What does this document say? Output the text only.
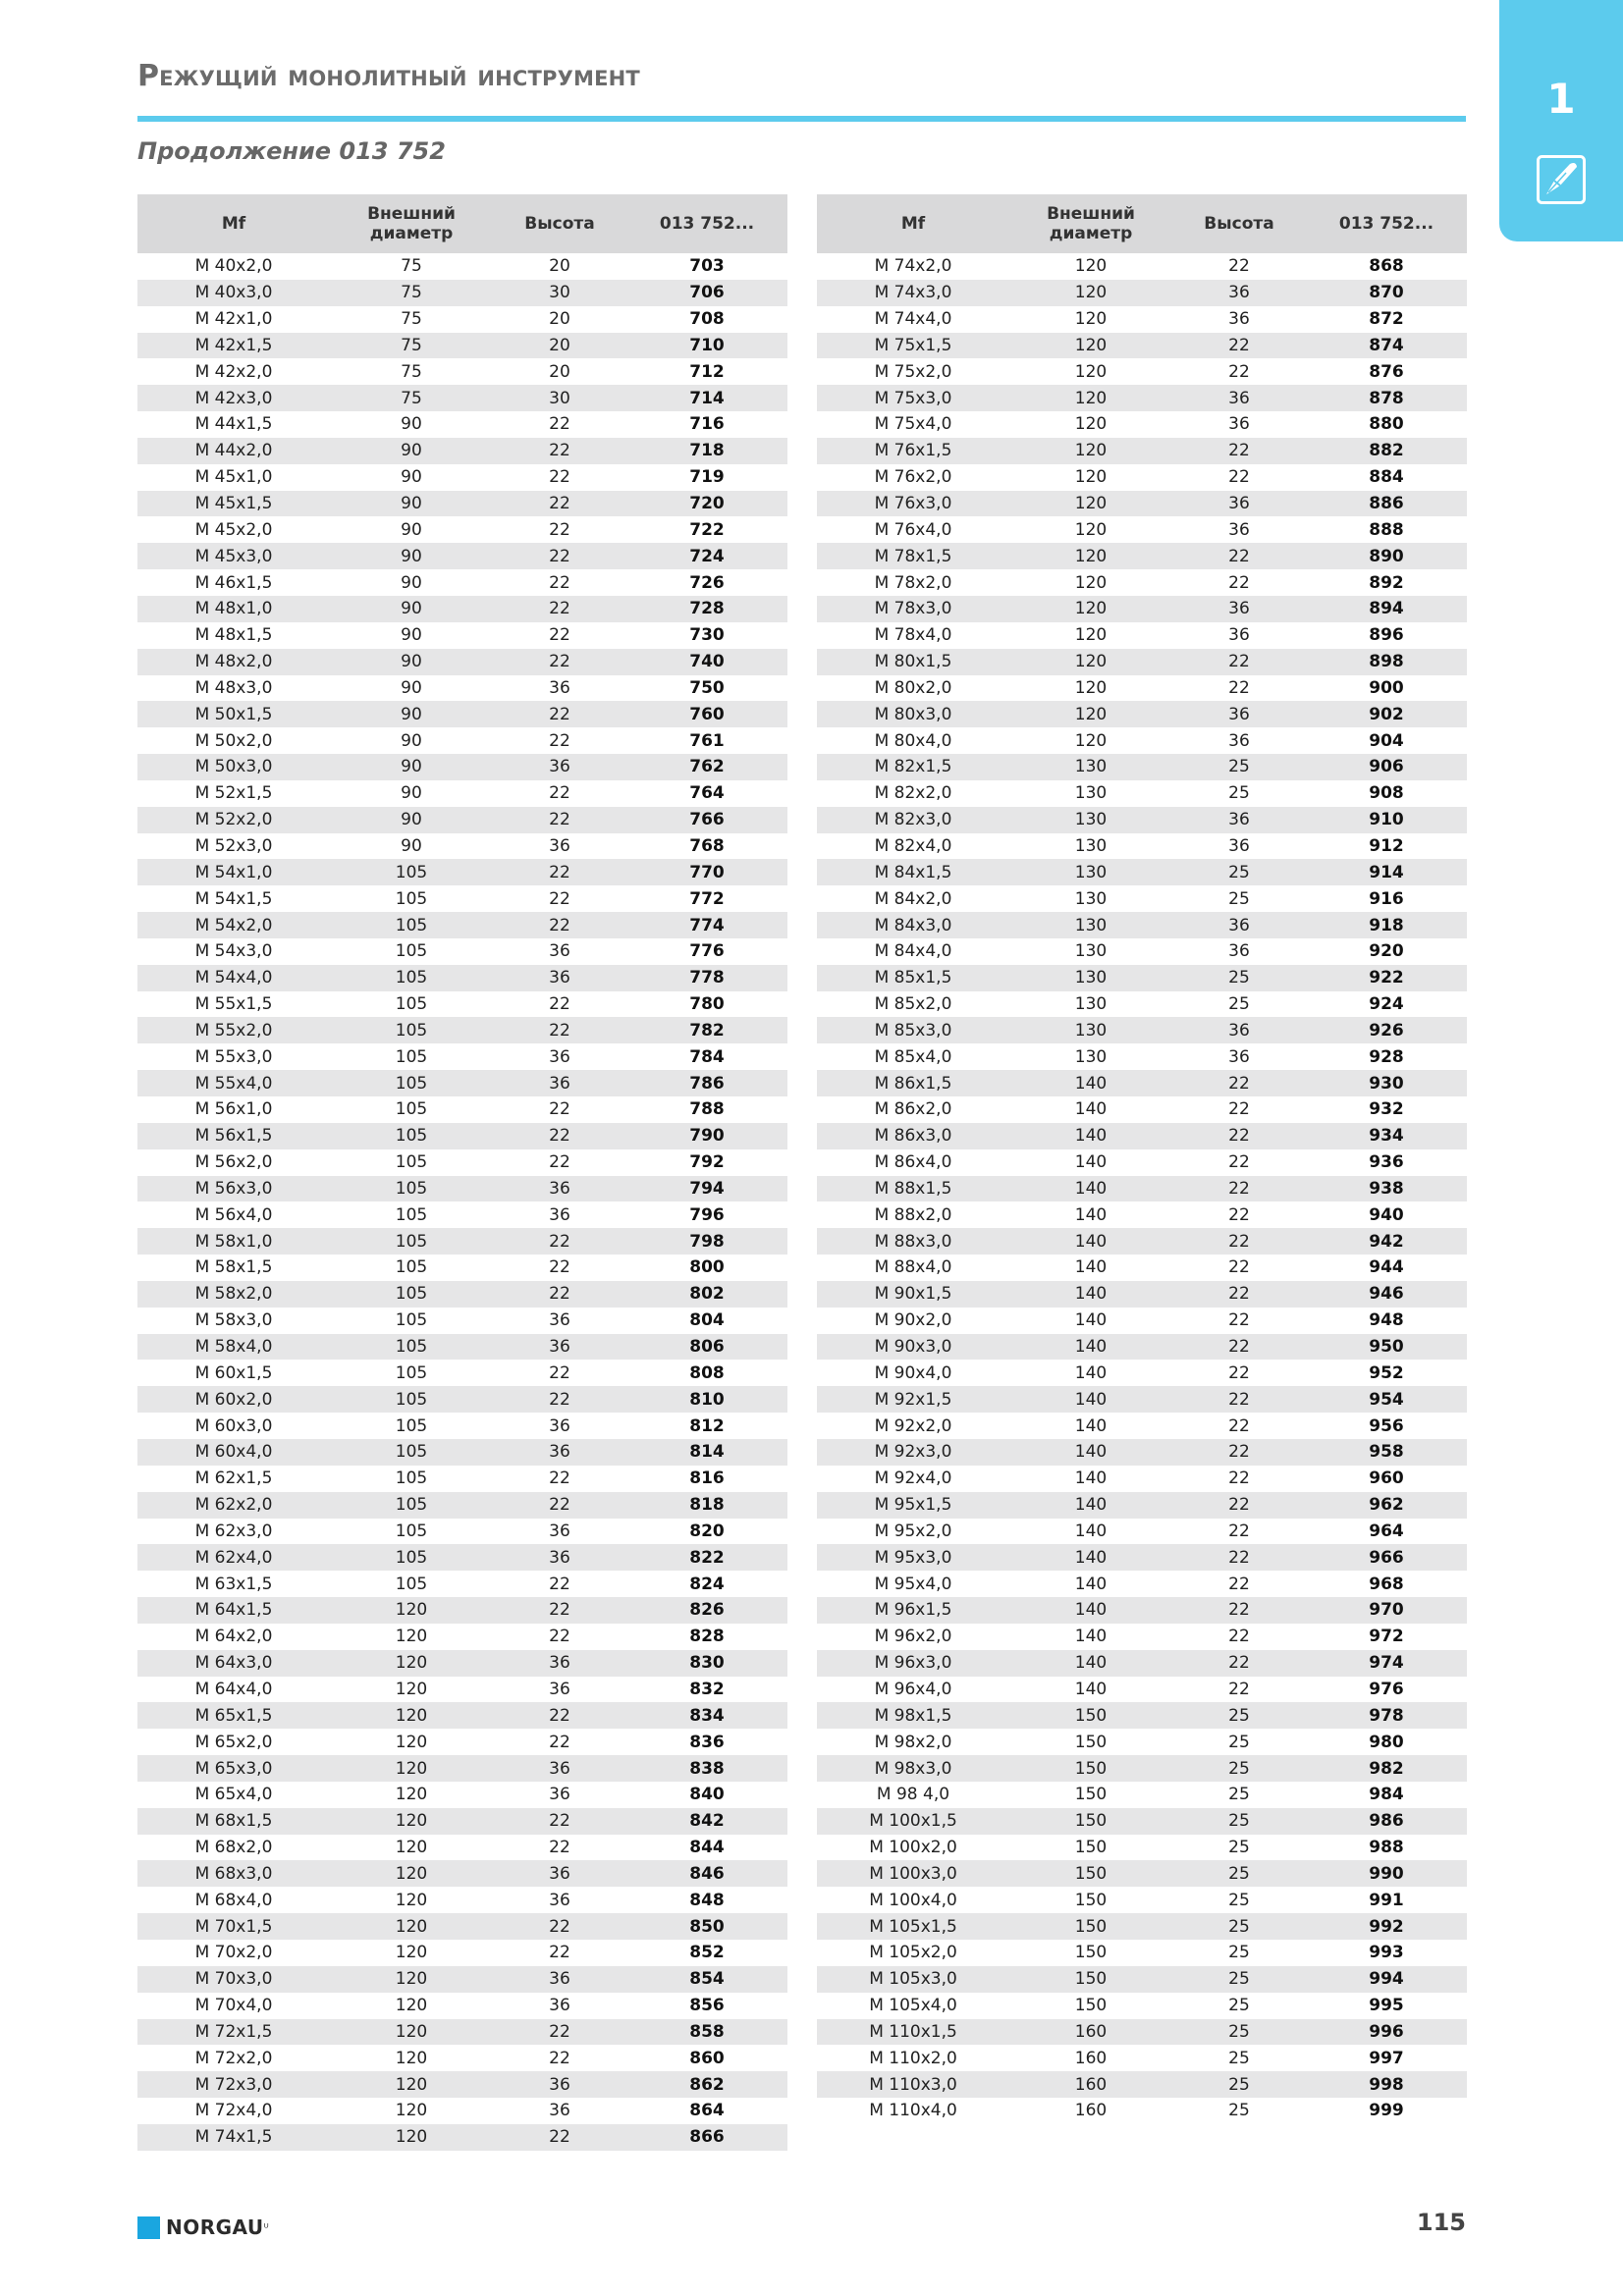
Режущий монолитный инструмент
Продолжение 013 752
1
Mf	Внешний диаметр	Высота	013 752...
M 40x2,0	75	20	703
M 40x3,0	75	30	706
M 42x1,0	75	20	708
M 42x1,5	75	20	710
M 42x2,0	75	20	712
M 42x3,0	75	30	714
M 44x1,5	90	22	716
M 44x2,0	90	22	718
M 45x1,0	90	22	719
M 45x1,5	90	22	720
M 45x2,0	90	22	722
M 45x3,0	90	22	724
M 46x1,5	90	22	726
M 48x1,0	90	22	728
M 48x1,5	90	22	730
M 48x2,0	90	22	740
M 48x3,0	90	36	750
M 50x1,5	90	22	760
M 50x2,0	90	22	761
M 50x3,0	90	36	762
M 52x1,5	90	22	764
M 52x2,0	90	22	766
M 52x3,0	90	36	768
M 54x1,0	105	22	770
M 54x1,5	105	22	772
M 54x2,0	105	22	774
M 54x3,0	105	36	776
M 54x4,0	105	36	778
M 55x1,5	105	22	780
M 55x2,0	105	22	782
M 55x3,0	105	36	784
M 55x4,0	105	36	786
M 56x1,0	105	22	788
M 56x1,5	105	22	790
M 56x2,0	105	22	792
M 56x3,0	105	36	794
M 56x4,0	105	36	796
M 58x1,0	105	22	798
M 58x1,5	105	22	800
M 58x2,0	105	22	802
M 58x3,0	105	36	804
M 58x4,0	105	36	806
M 60x1,5	105	22	808
M 60x2,0	105	22	810
M 60x3,0	105	36	812
M 60x4,0	105	36	814
M 62x1,5	105	22	816
M 62x2,0	105	22	818
M 62x3,0	105	36	820
M 62x4,0	105	36	822
M 63x1,5	105	22	824
M 64x1,5	120	22	826
M 64x2,0	120	22	828
M 64x3,0	120	36	830
M 64x4,0	120	36	832
M 65x1,5	120	22	834
M 65x2,0	120	22	836
M 65x3,0	120	36	838
M 65x4,0	120	36	840
M 68x1,5	120	22	842
M 68x2,0	120	22	844
M 68x3,0	120	36	846
M 68x4,0	120	36	848
M 70x1,5	120	22	850
M 70x2,0	120	22	852
M 70x3,0	120	36	854
M 70x4,0	120	36	856
M 72x1,5	120	22	858
M 72x2,0	120	22	860
M 72x3,0	120	36	862
M 72x4,0	120	36	864
M 74x1,5	120	22	866
Mf	Внешний диаметр	Высота	013 752...
M 74x2,0	120	22	868
M 74x3,0	120	36	870
M 74x4,0	120	36	872
M 75x1,5	120	22	874
M 75x2,0	120	22	876
M 75x3,0	120	36	878
M 75x4,0	120	36	880
M 76x1,5	120	22	882
M 76x2,0	120	22	884
M 76x3,0	120	36	886
M 76x4,0	120	36	888
M 78x1,5	120	22	890
M 78x2,0	120	22	892
M 78x3,0	120	36	894
M 78x4,0	120	36	896
M 80x1,5	120	22	898
M 80x2,0	120	22	900
M 80x3,0	120	36	902
M 80x4,0	120	36	904
M 82x1,5	130	25	906
M 82x2,0	130	25	908
M 82x3,0	130	36	910
M 82x4,0	130	36	912
M 84x1,5	130	25	914
M 84x2,0	130	25	916
M 84x3,0	130	36	918
M 84x4,0	130	36	920
M 85x1,5	130	25	922
M 85x2,0	130	25	924
M 85x3,0	130	36	926
M 85x4,0	130	36	928
M 86x1,5	140	22	930
M 86x2,0	140	22	932
M 86x3,0	140	22	934
M 86x4,0	140	22	936
M 88x1,5	140	22	938
M 88x2,0	140	22	940
M 88x3,0	140	22	942
M 88x4,0	140	22	944
M 90x1,5	140	22	946
M 90x2,0	140	22	948
M 90x3,0	140	22	950
M 90x4,0	140	22	952
M 92x1,5	140	22	954
M 92x2,0	140	22	956
M 92x3,0	140	22	958
M 92x4,0	140	22	960
M 95x1,5	140	22	962
M 95x2,0	140	22	964
M 95x3,0	140	22	966
M 95x4,0	140	22	968
M 96x1,5	140	22	970
M 96x2,0	140	22	972
M 96x3,0	140	22	974
M 96x4,0	140	22	976
M 98x1,5	150	25	978
M 98x2,0	150	25	980
M 98x3,0	150	25	982
M 98 4,0	150	25	984
M 100x1,5	150	25	986
M 100x2,0	150	25	988
M 100x3,0	150	25	990
M 100x4,0	150	25	991
M 105x1,5	150	25	992
M 105x2,0	150	25	993
M 105x3,0	150	25	994
M 105x4,0	150	25	995
M 110x1,5	160	25	996
M 110x2,0	160	25	997
M 110x3,0	160	25	998
M 110x4,0	160	25	999
NORGAU ᵁ	115
